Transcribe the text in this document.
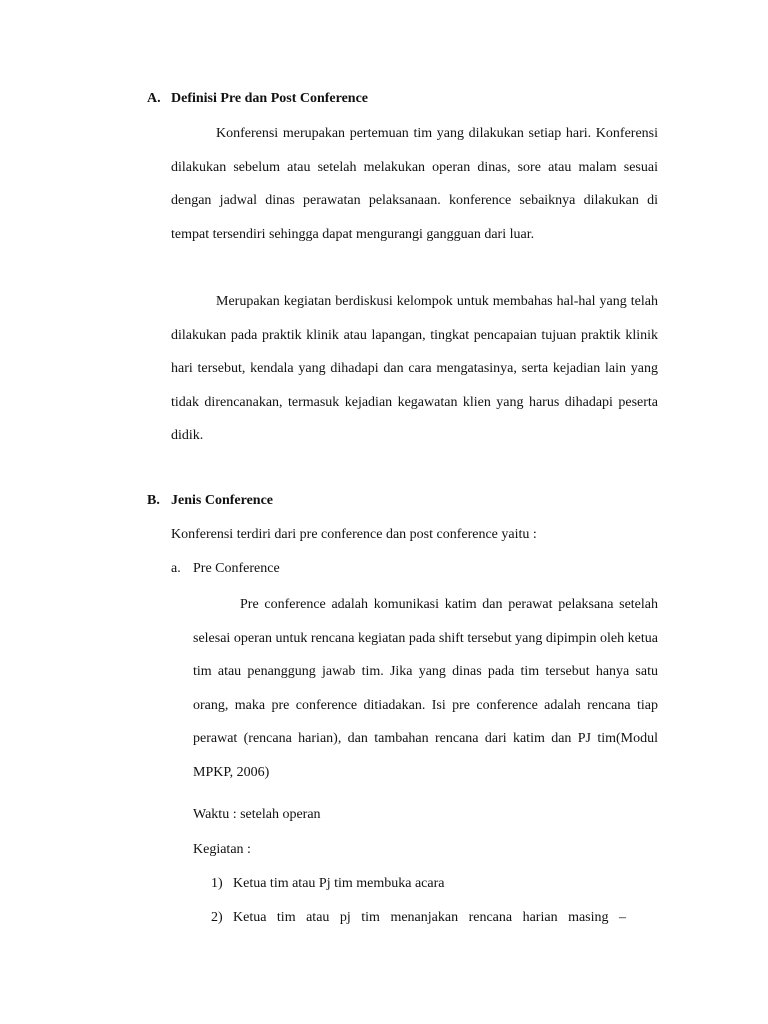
A. Definisi Pre dan Post Conference

Konferensi merupakan pertemuan tim yang dilakukan setiap hari. Konferensi dilakukan sebelum atau setelah melakukan operan dinas, sore atau malam sesuai dengan jadwal dinas perawatan pelaksanaan. konference sebaiknya dilakukan di tempat tersendiri sehingga dapat mengurangi gangguan dari luar.

Merupakan kegiatan berdiskusi kelompok untuk membahas hal-hal yang telah dilakukan pada praktik klinik atau lapangan, tingkat pencapaian tujuan praktik klinik hari tersebut, kendala yang dihadapi dan cara mengatasinya, serta kejadian lain yang tidak direncanakan, termasuk kejadian kegawatan klien yang harus dihadapi peserta didik.

B. Jenis Conference
Konferensi terdiri dari pre conference dan post conference yaitu :
a. Pre Conference

Pre conference adalah komunikasi katim dan perawat pelaksana setelah selesai operan untuk rencana kegiatan pada shift tersebut yang dipimpin oleh ketua tim atau penanggung jawab tim. Jika yang dinas pada tim tersebut hanya satu orang, maka pre conference ditiadakan. Isi pre conference adalah rencana tiap perawat (rencana harian), dan tambahan rencana dari katim dan PJ tim(Modul MPKP, 2006)

Waktu : setelah operan
Kegiatan :
1) Ketua tim atau Pj tim membuka acara
2) Ketua tim atau pj tim menanjakan rencana harian masing –
